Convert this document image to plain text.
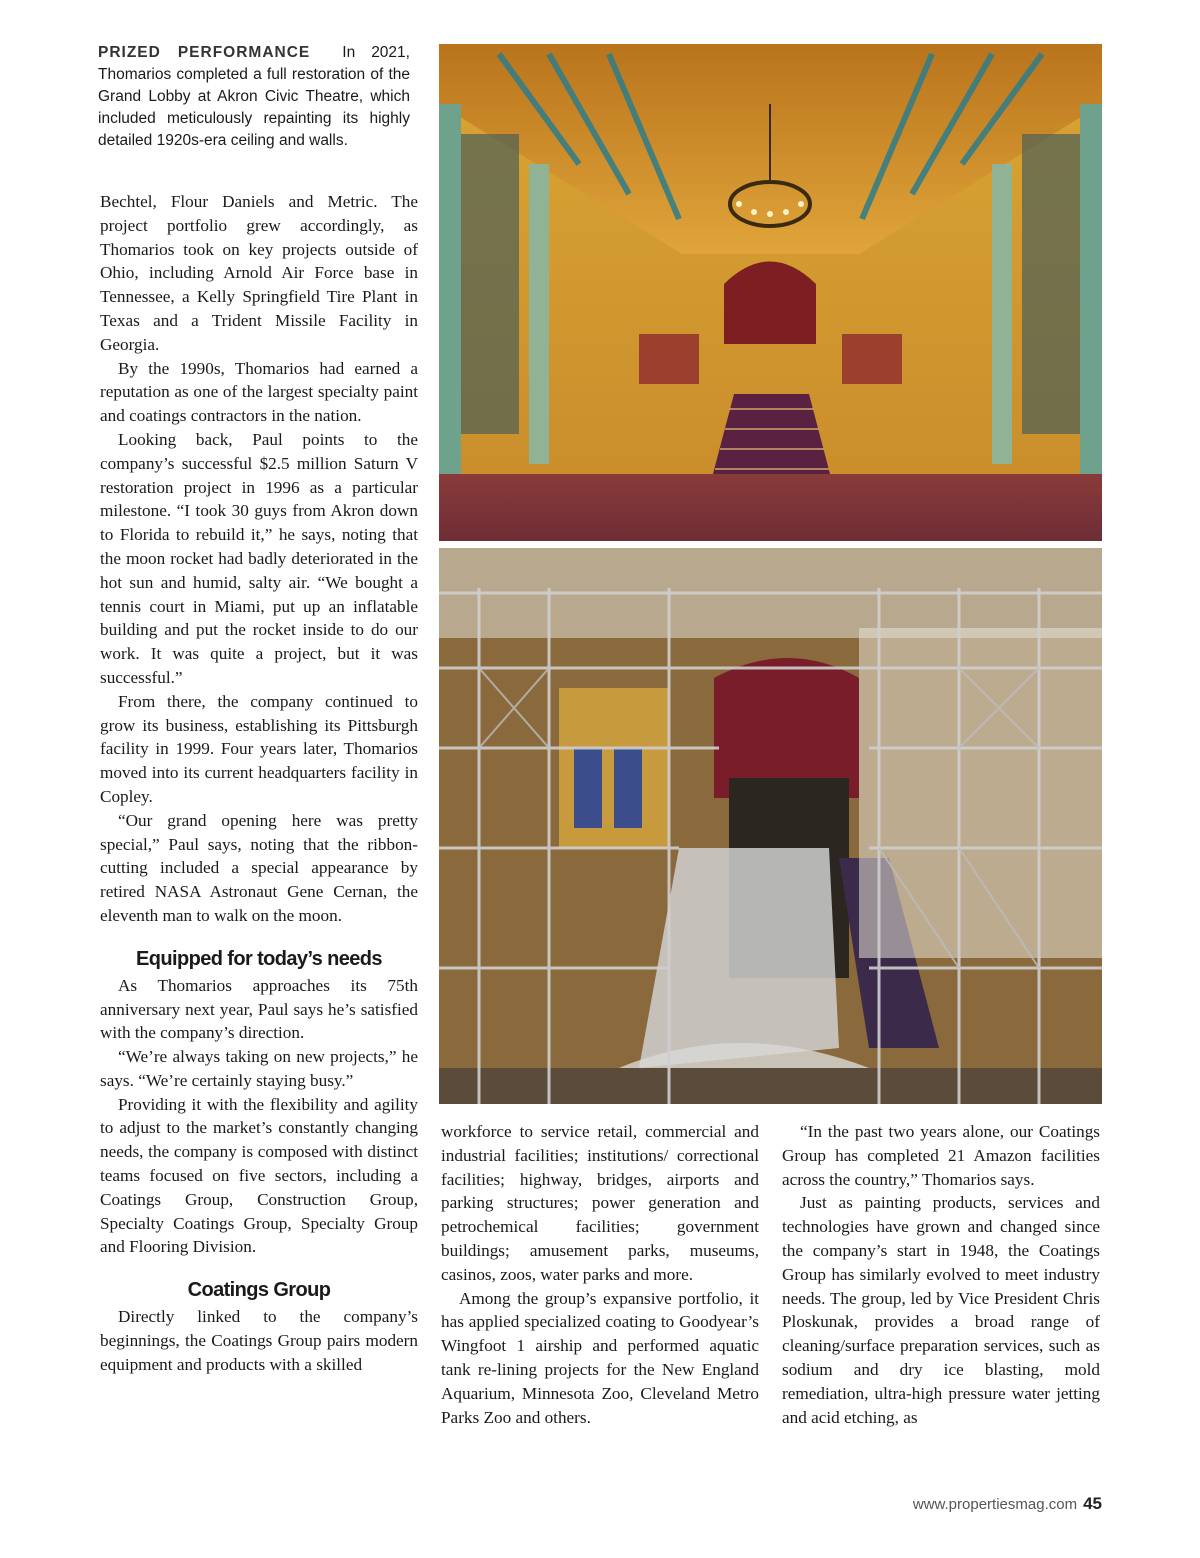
PRIZED PERFORMANCE In 2021, Thomarios completed a full restoration of the Grand Lobby at Akron Civic Theatre, which included meticulously repainting its highly detailed 1920s-era ceiling and walls.

Bechtel, Flour Daniels and Metric. The project portfolio grew accordingly, as Thomarios took on key projects outside of Ohio, including Arnold Air Force base in Tennessee, a Kelly Springfield Tire Plant in Texas and a Trident Missile Facility in Georgia.

By the 1990s, Thomarios had earned a reputation as one of the largest specialty paint and coatings contractors in the nation.

Looking back, Paul points to the company’s successful $2.5 million Saturn V restoration project in 1996 as a particular milestone. “I took 30 guys from Akron down to Florida to rebuild it,” he says, noting that the moon rocket had badly deteriorated in the hot sun and humid, salty air. “We bought a tennis court in Miami, put up an inflatable building and put the rocket inside to do our work. It was quite a project, but it was successful.”

From there, the company continued to grow its business, establishing its Pittsburgh facility in 1999. Four years later, Thomarios moved into its current headquarters facility in Copley.

“Our grand opening here was pretty special,” Paul says, noting that the ribbon-cutting included a special appearance by retired NASA Astronaut Gene Cernan, the eleventh man to walk on the moon.

Equipped for today’s needs

As Thomarios approaches its 75th anniversary next year, Paul says he’s satisfied with the company’s direction.

“We’re always taking on new projects,” he says. “We’re certainly staying busy.”

Providing it with the flexibility and agility to adjust to the market’s constantly changing needs, the company is composed with distinct teams focused on five sectors, including a Coatings Group, Construction Group, Specialty Coatings Group, Specialty Group and Flooring Division.

Coatings Group

Directly linked to the company’s beginnings, the Coatings Group pairs modern equipment and products with a skilled

workforce to service retail, commercial and industrial facilities; institutions/ correctional facilities; highway, bridges, airports and parking structures; power generation and petrochemical facilities; government buildings; amusement parks, museums, casinos, zoos, water parks and more.

Among the group’s expansive portfolio, it has applied specialized coating to Goodyear’s Wingfoot 1 airship and performed aquatic tank re-lining projects for the New England Aquarium, Minnesota Zoo, Cleveland Metro Parks Zoo and others.

“In the past two years alone, our Coatings Group has completed 21 Amazon facilities across the country,” Thomarios says.

Just as painting products, services and technologies have grown and changed since the company’s start in 1948, the Coatings Group has similarly evolved to meet industry needs. The group, led by Vice President Chris Ploskunak, provides a broad range of cleaning/surface preparation services, such as sodium and dry ice blasting, mold remediation, ultra-high pressure water jetting and acid etching, as

www.propertiesmag.com 45
